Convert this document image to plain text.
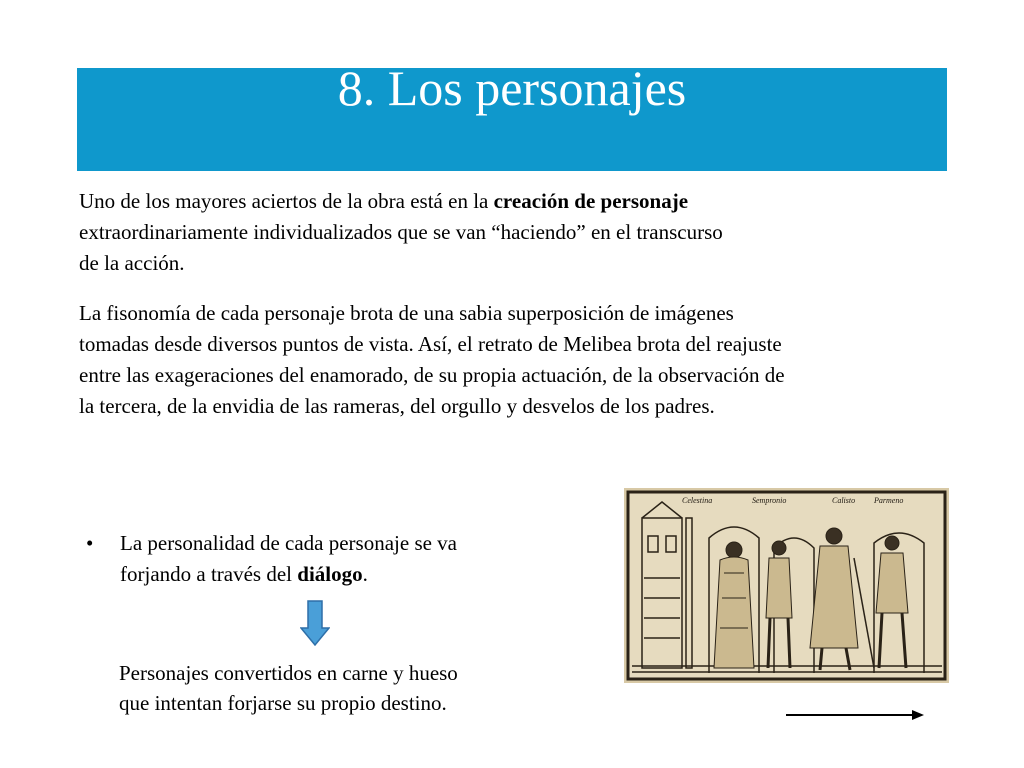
8. Los personajes
Uno de los mayores aciertos de la obra está en la creación de personaje
extraordinariamente individualizados que se van “haciendo” en el transcurso
de la acción.
La fisonomía de cada personaje brota de una sabia superposición de imágenes
tomadas desde diversos puntos de vista. Así, el retrato de Melibea brota del reajuste
entre las exageraciones del enamorado, de su propia actuación, de la observación de
la tercera, de la envidia de las rameras, del orgullo y desvelos de los padres.
• La personalidad de cada personaje se va
forjando a través del diálogo.
Personajes convertidos en carne y hueso
que intentan forjarse su propio destino.
Celestina	Sempronio	Calisto Parmeno
